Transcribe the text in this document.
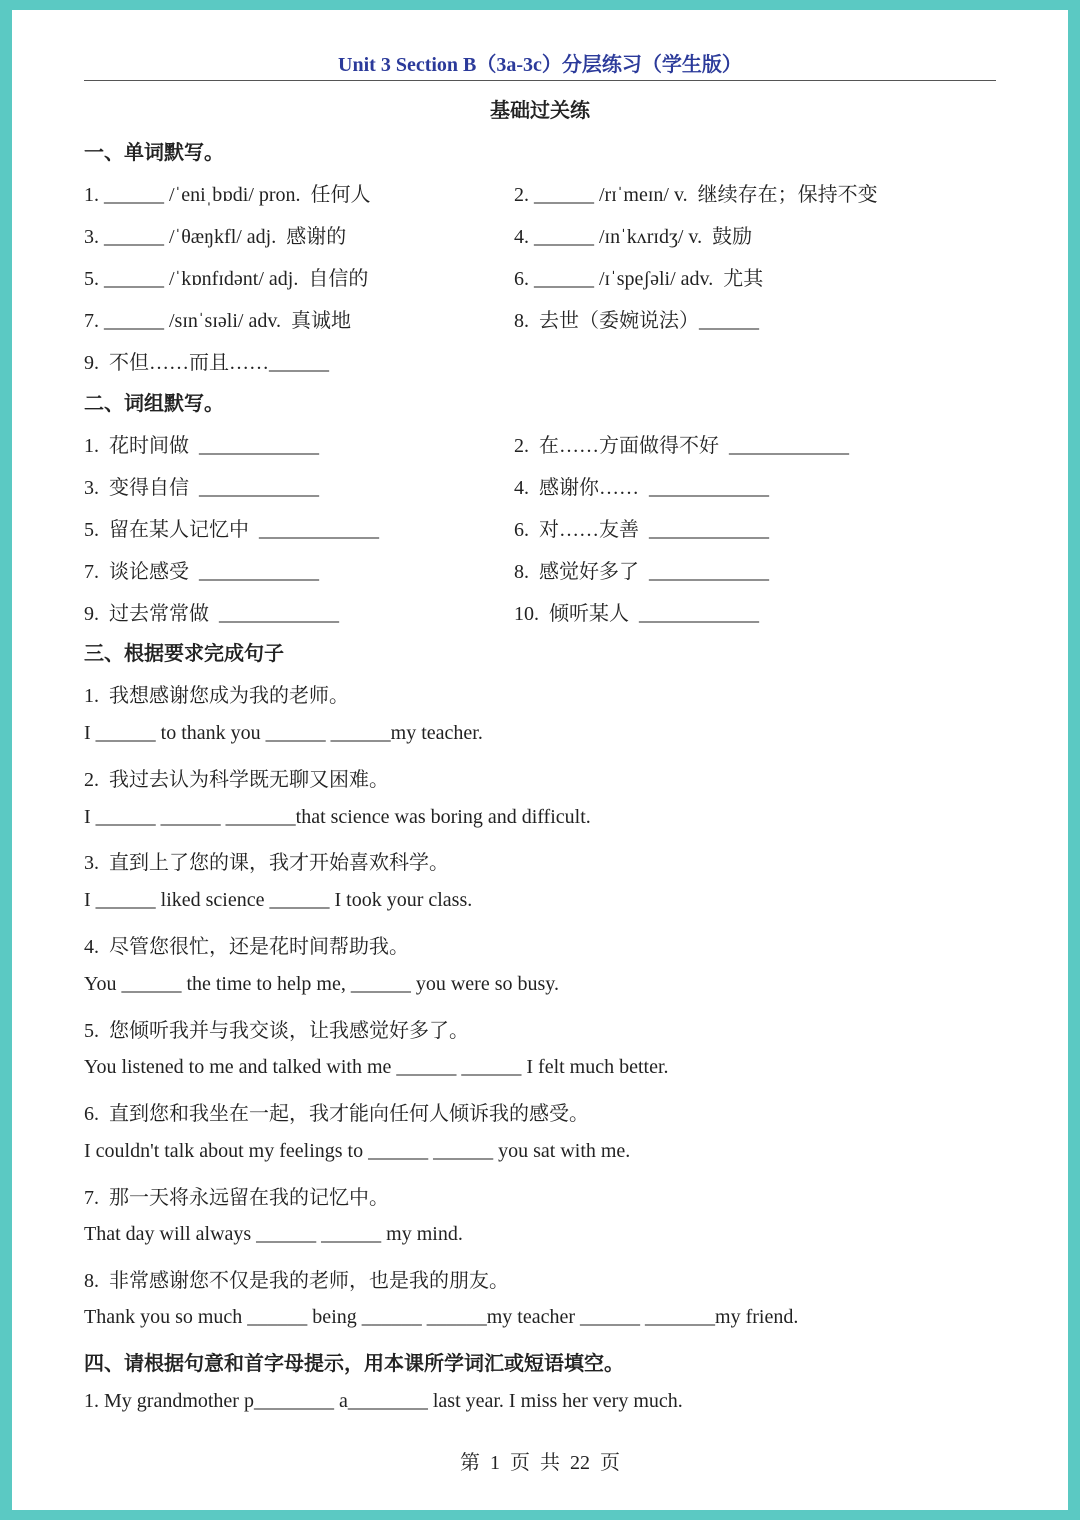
Unit 3 Section B（3a-3c）分层练习（学生版）
基础过关练
一、单词默写。
1. ______ /ˈeniˌbɒdi/ pron.  任何人	2. ______ /rɪˈmeɪn/ v.  继续存在；保持不变
3. ______ /ˈθæŋkfl/ adj.  感谢的	4. ______ /ɪnˈkʌrɪdʒ/ v.  鼓励
5. ______ /ˈkɒnfɪdənt/ adj.  自信的	6. ______ /ɪˈspeʃəli/ adv.  尤其
7. ______ /sɪnˈsɪəli/ adv.  真诚地	8.  去世（委婉说法）______
9.  不但……而且……______
二、词组默写。
1.  花时间做  ____________	2.  在……方面做得不好  ____________
3.  变得自信  ____________	4.  感谢你……  ____________
5.  留在某人记忆中  ____________	6.  对……友善  ____________
7.  谈论感受  ____________	8.  感觉好多了  ____________
9.  过去常常做  ____________	10.  倾听某人  ____________
三、根据要求完成句子
1.  我想感谢您成为我的老师。
I ______ to thank you ______ ______my teacher.
2.  我过去认为科学既无聊又困难。
I ______ ______ _______that science was boring and difficult.
3.  直到上了您的课，我才开始喜欢科学。
I ______ liked science ______ I took your class.
4.  尽管您很忙，还是花时间帮助我。
You ______ the time to help me, ______ you were so busy.
5.  您倾听我并与我交谈，让我感觉好多了。
You listened to me and talked with me ______ ______ I felt much better.
6.  直到您和我坐在一起，我才能向任何人倾诉我的感受。
I couldn't talk about my feelings to ______ ______ you sat with me.
7.  那一天将永远留在我的记忆中。
That day will always ______ ______ my mind.
8.  非常感谢您不仅是我的老师，也是我的朋友。
Thank you so much ______ being ______ ______my teacher ______ _______my friend.
四、请根据句意和首字母提示，用本课所学词汇或短语填空。
1. My grandmother p________ a________ last year. I miss her very much.
第  1  页  共  22  页
